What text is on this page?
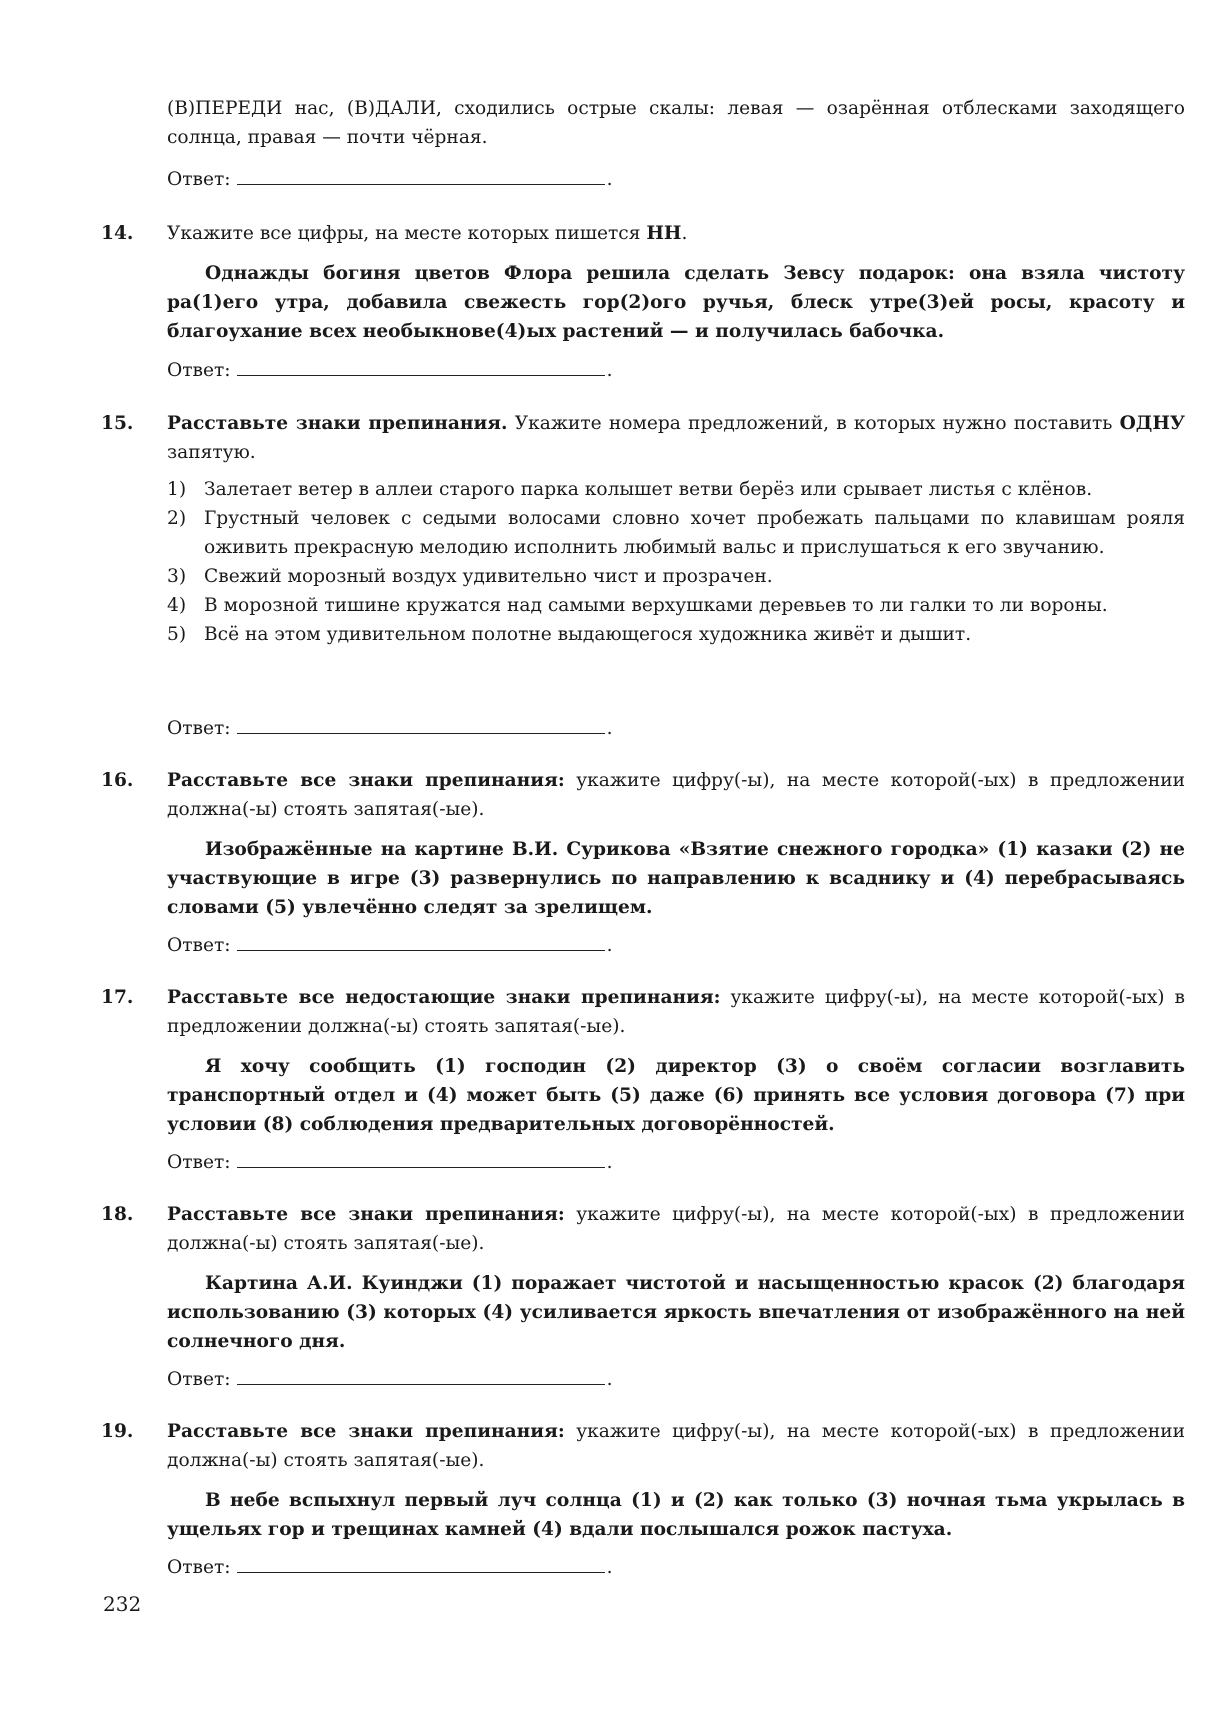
(В)ПЕРЕДИ нас, (В)ДАЛИ, сходились острые скалы: левая — озарённая отблесками заходящего солнца, правая — почти чёрная.

Ответ:	.
14. Укажите все цифры, на месте которых пишется НН.

Однажды богиня цветов Флора решила сделать Зевсу подарок: она взяла чистоту ра(1)его утра, добавила свежесть гор(2)ого ручья, блеск утре(3)ей росы, красоту и благоухание всех необыкнове(4)ых растений — и получилась бабочка.

Ответ:	.
15. Расставьте знаки препинания. Укажите номера предложений, в которых нужно поставить ОДНУ запятую.

1) Залетает ветер в аллеи старого парка колышет ветви берёз или срывает листья с клёнов.
2) Грустный человек с седыми волосами словно хочет пробежать пальцами по клавишам рояля оживить прекрасную мелодию исполнить любимый вальс и прислушаться к его звучанию.
3) Свежий морозный воздух удивительно чист и прозрачен.
4) В морозной тишине кружатся над самыми верхушками деревьев то ли галки то ли вороны.
5) Всё на этом удивительном полотне выдающегося художника живёт и дышит.
Ответ:	.
16. Расставьте все знаки препинания: укажите цифру(-ы), на месте которой(-ых) в предложении должна(-ы) стоять запятая(-ые).

Изображённые на картине В.И. Сурикова «Взятие снежного городка» (1) казаки (2) не участвующие в игре (3) развернулись по направлению к всаднику и (4) перебрасываясь словами (5) увлечённо следят за зрелищем.

Ответ:	.
17. Расставьте все недостающие знаки препинания: укажите цифру(-ы), на месте которой(-ых) в предложении должна(-ы) стоять запятая(-ые).

Я хочу сообщить (1) господин (2) директор (3) о своём согласии возглавить транспортный отдел и (4) может быть (5) даже (6) принять все условия договора (7) при условии (8) соблюдения предварительных договорённостей.

Ответ:	.
18. Расставьте все знаки препинания: укажите цифру(-ы), на месте которой(-ых) в предложении должна(-ы) стоять запятая(-ые).

Картина А.И. Куинджи (1) поражает чистотой и насыщенностью красок (2) благодаря использованию (3) которых (4) усиливается яркость впечатления от изображённого на ней солнечного дня.

Ответ:	.
19. Расставьте все знаки препинания: укажите цифру(-ы), на месте которой(-ых) в предложении должна(-ы) стоять запятая(-ые).

В небе вспыхнул первый луч солнца (1) и (2) как только (3) ночная тьма укрылась в ущельях гор и трещинах камней (4) вдали послышался рожок пастуха.

Ответ:	.
232
